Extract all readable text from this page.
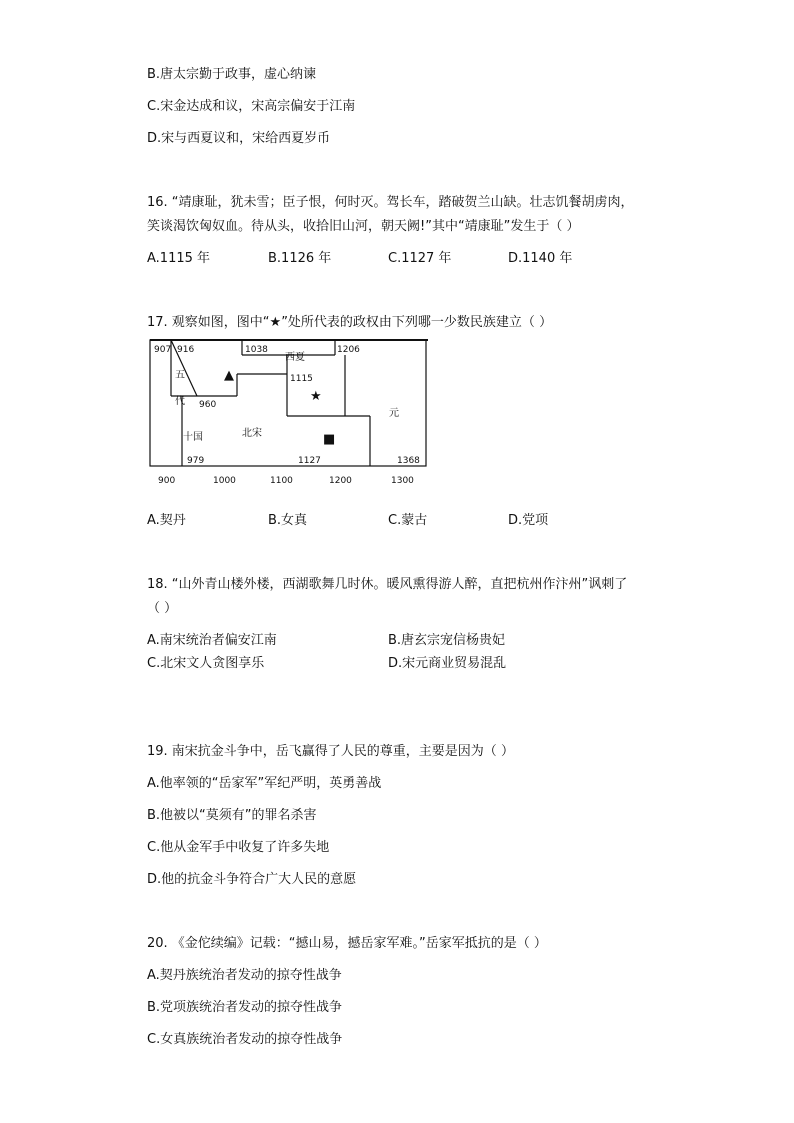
B.唐太宗勤于政事，虚心纳谏
C.宋金达成和议，宋高宗偏安于江南
D.宋与西夏议和，宋给西夏岁币
16. “靖康耻，犹未雪；臣子恨，何时灭。驾长车，踏破贺兰山缺。壮志饥餐胡虏肉，
笑谈渴饮匈奴血。待从头，收拾旧山河，朝天阙!”其中“靖康耻”发生于（ ）
A.1115 年	B.1126 年	C.1127 年	D.1140 年
17. 观察如图，图中“★”处所代表的政权由下列哪一少数民族建立（ ）
907 916	1038
西夏
1206
1115
五
代 960
十国	北宋
元
979	1127	1368
▲
★
■
900	1000	1100	1200	1300
A.契丹	B.女真	C.蒙古	D.党项
18. “山外青山楼外楼，西湖歌舞几时休。暖风熏得游人醉，直把杭州作汴州”讽刺了
（ ）
A.南宋统治者偏安江南	B.唐玄宗宠信杨贵妃
C.北宋文人贪图享乐	D.宋元商业贸易混乱
19. 南宋抗金斗争中，岳飞赢得了人民的尊重，主要是因为（ ）
A.他率领的“岳家军”军纪严明，英勇善战
B.他被以“莫须有”的罪名杀害
C.他从金军手中收复了许多失地
D.他的抗金斗争符合广大人民的意愿
20. 《金佗续编》记载：“撼山易，撼岳家军难。”岳家军抵抗的是（ ）
A.契丹族统治者发动的掠夺性战争
B.党项族统治者发动的掠夺性战争
C.女真族统治者发动的掠夺性战争
